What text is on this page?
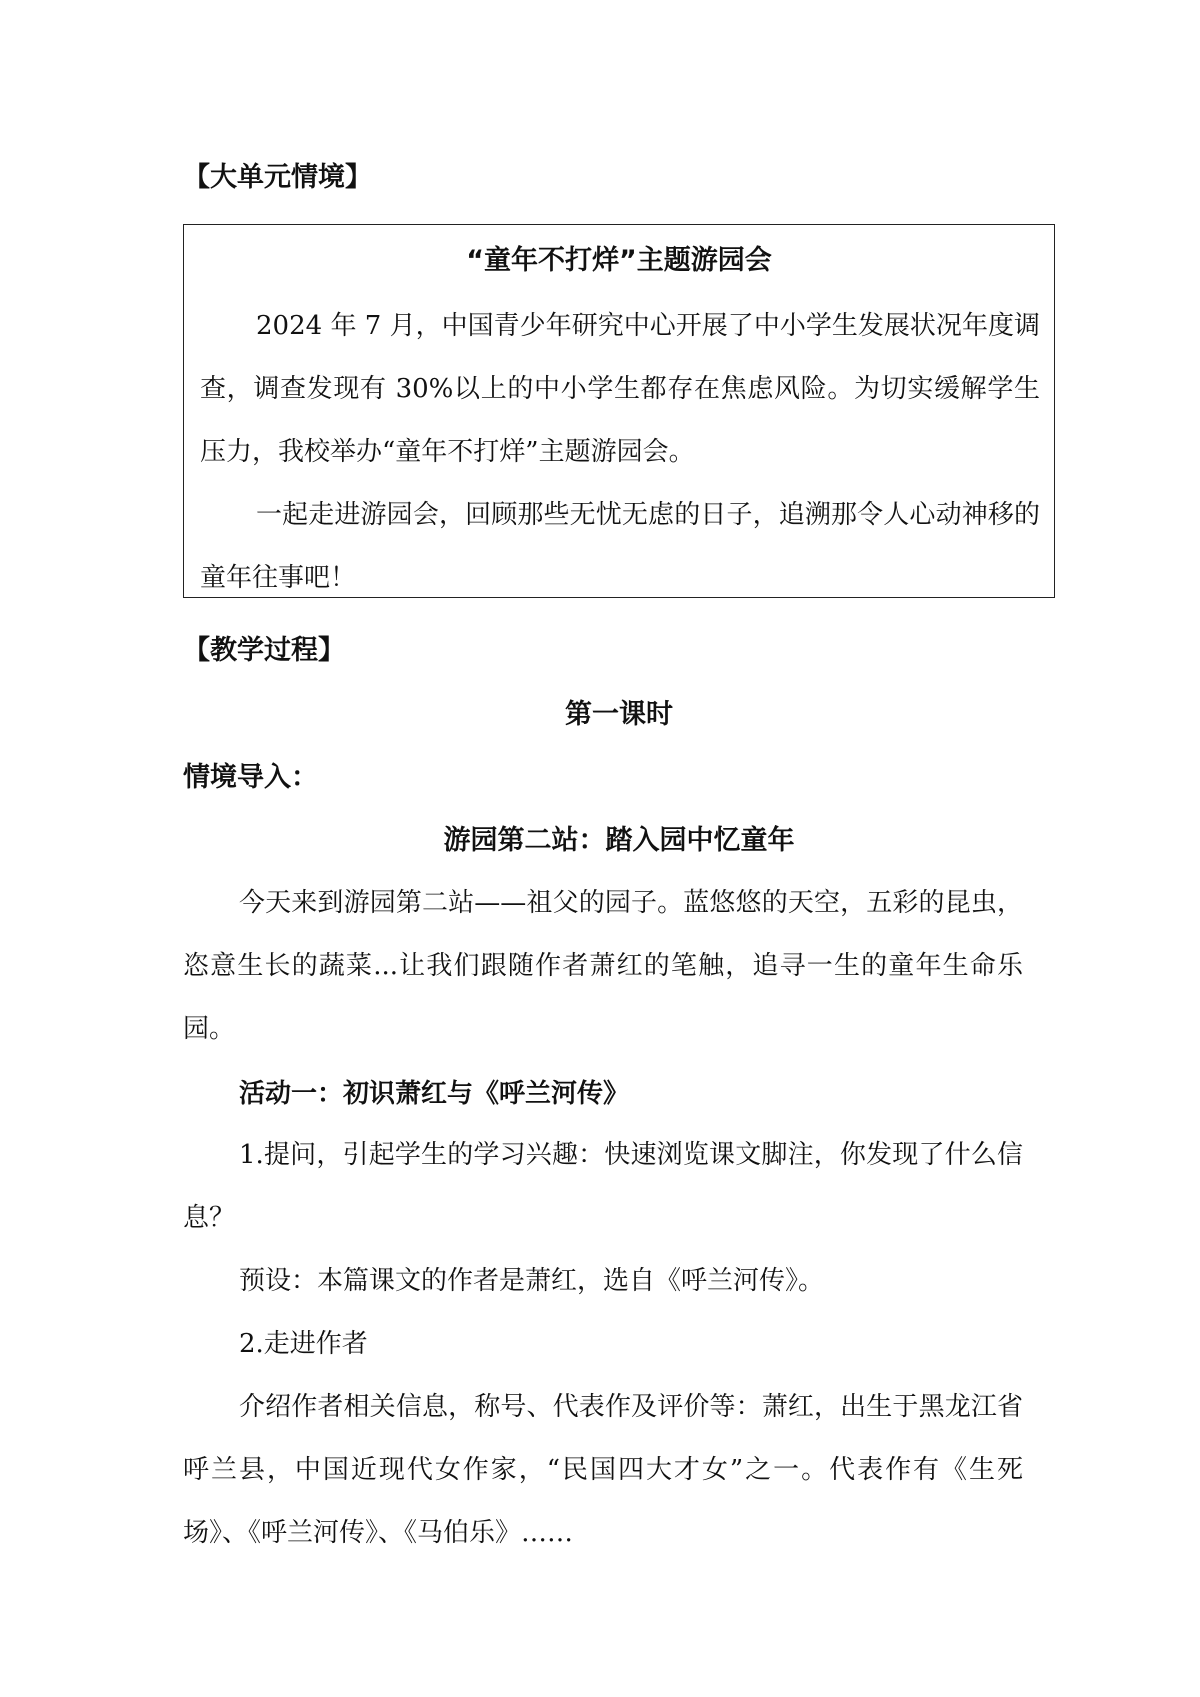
【大单元情境】
“童年不打烊”主题游园会
2024 年 7 月，中国青少年研究中心开展了中小学生发展状况年度调查，调查发现有 30%以上的中小学生都存在焦虑风险。为切实缓解学生压力，我校举办“童年不打烊”主题游园会。
一起走进游园会，回顾那些无忧无虑的日子，追溯那令人心动神移的童年往事吧！
【教学过程】
第一课时
情境导入：
游园第二站：踏入园中忆童年
今天来到游园第二站——祖父的园子。蓝悠悠的天空，五彩的昆虫，恣意生长的蔬菜...让我们跟随作者萧红的笔触，追寻一生的童年生命乐园。
活动一：初识萧红与《呼兰河传》
1.提问，引起学生的学习兴趣：快速浏览课文脚注，你发现了什么信息？
预设：本篇课文的作者是萧红，选自《呼兰河传》。
2.走进作者
介绍作者相关信息，称号、代表作及评价等：萧红，出生于黑龙江省呼兰县，中国近现代女作家，“民国四大才女”之一。代表作有《生死场》、《呼兰河传》、《马伯乐》……
